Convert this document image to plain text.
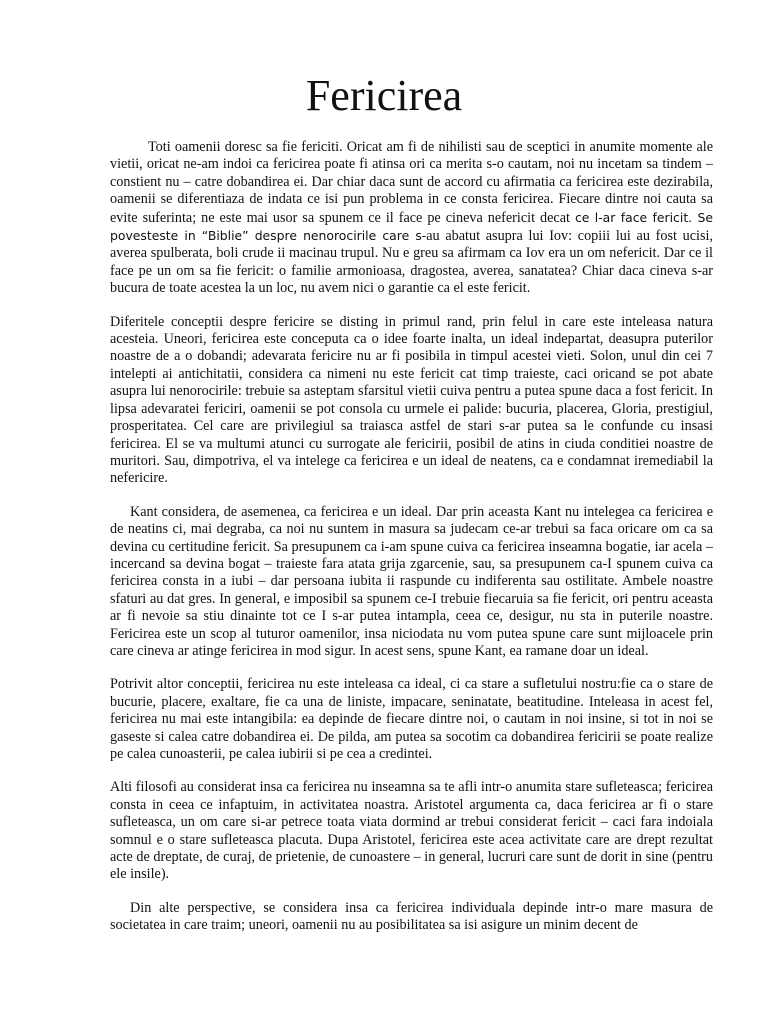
Fericirea

Toti oamenii doresc sa fie fericiti. Oricat am fi de nihilisti sau de sceptici in anumite momente ale vietii, oricat ne-am indoi ca fericirea poate fi atinsa ori ca merita s-o cautam, noi nu incetam sa tindem – constient nu – catre dobandirea ei. Dar chiar daca sunt de accord cu afirmatia ca fericirea este dezirabila, oamenii se diferentiaza de indata ce isi pun problema in ce consta fericirea. Fiecare dintre noi cauta sa evite suferinta; ne este mai usor sa spunem ce il face pe cineva nefericit decat ce l-ar face fericit. Se povesteste in “Biblie” despre nenorocirile care s-au abatut asupra lui Iov: copiii lui au fost ucisi, averea spulberata, boli crude ii macinau trupul. Nu e greu sa afirmam ca Iov era un om nefericit. Dar ce il face pe un om sa fie fericit: o familie armonioasa, dragostea, averea, sanatatea? Chiar daca cineva s-ar bucura de toate acestea la un loc, nu avem nici o garantie ca el este fericit.

Diferitele conceptii despre fericire se disting in primul rand, prin felul in care este inteleasa natura acesteia. Uneori, fericirea este conceputa ca o idee foarte inalta, un ideal indepartat, deasupra puterilor noastre de a o dobandi; adevarata fericire nu ar fi posibila in timpul acestei vieti. Solon, unul din cei 7 intelepti ai antichitatii, considera ca nimeni nu este fericit cat timp traieste, caci oricand se pot abate asupra lui nenorocirile: trebuie sa asteptam sfarsitul vietii cuiva pentru a putea spune daca a fost fericit. In lipsa adevaratei fericiri, oamenii se pot consola cu urmele ei palide: bucuria, placerea, Gloria, prestigiul, prosperitatea. Cel care are privilegiul sa traiasca astfel de stari s-ar putea sa le confunde cu insasi fericirea. El se va multumi atunci cu surrogate ale fericirii, posibil de atins in ciuda conditiei noastre de muritori. Sau, dimpotriva, el va intelege ca fericirea e un ideal de neatens, ca e condamnat iremediabil la nefericire.

Kant considera, de asemenea, ca fericirea e un ideal. Dar prin aceasta Kant nu intelegea ca fericirea e de neatins ci, mai degraba, ca noi nu suntem in masura sa judecam ce-ar trebui sa faca oricare om ca sa devina cu certitudine fericit. Sa presupunem ca i-am spune cuiva ca fericirea inseamna bogatie, iar acela – incercand sa devina bogat – traieste fara atata grija zgarcenie, sau, sa presupunem ca-I spunem cuiva ca fericirea consta in a iubi – dar persoana iubita ii raspunde cu indiferenta sau ostilitate. Ambele noastre sfaturi au dat gres. In general, e imposibil sa spunem ce-I trebuie fiecaruia sa fie fericit, ori pentru aceasta ar fi nevoie sa stiu dinainte tot ce I s-ar putea intampla, ceea ce, desigur, nu sta in puterile noastre. Fericirea este un scop al tuturor oamenilor, insa niciodata nu vom putea spune care sunt mijloacele prin care cineva ar atinge fericirea in mod sigur. In acest sens, spune Kant, ea ramane doar un ideal.

Potrivit altor conceptii, fericirea nu este inteleasa ca ideal, ci ca stare a sufletului nostru:fie ca o stare de bucurie, placere, exaltare, fie ca una de liniste, impacare, seninatate, beatitudine. Inteleasa in acest fel, fericirea nu mai este intangibila: ea depinde de fiecare dintre noi, o cautam in noi insine, si tot in noi se gaseste si calea catre dobandirea ei. De pilda, am putea sa socotim ca dobandirea fericirii se poate realize pe calea cunoasterii, pe calea iubirii si pe cea a credintei.

Alti filosofi au considerat insa ca fericirea nu inseamna sa te afli intr-o anumita stare sufleteasca; fericirea consta in ceea ce infaptuim, in activitatea noastra. Aristotel argumenta ca, daca fericirea ar fi o stare sufleteasca, un om care si-ar petrece toata viata dormind ar trebui considerat fericit – caci fara indoiala somnul e o stare sufleteasca placuta. Dupa Aristotel, fericirea este acea activitate care are drept rezultat acte de dreptate, de curaj, de prietenie, de cunoastere – in general, lucruri care sunt de dorit in sine (pentru ele insile).

Din alte perspective, se considera insa ca fericirea individuala depinde intr-o mare masura de societatea in care traim; uneori, oamenii nu au posibilitatea sa isi asigure un minim decent de
